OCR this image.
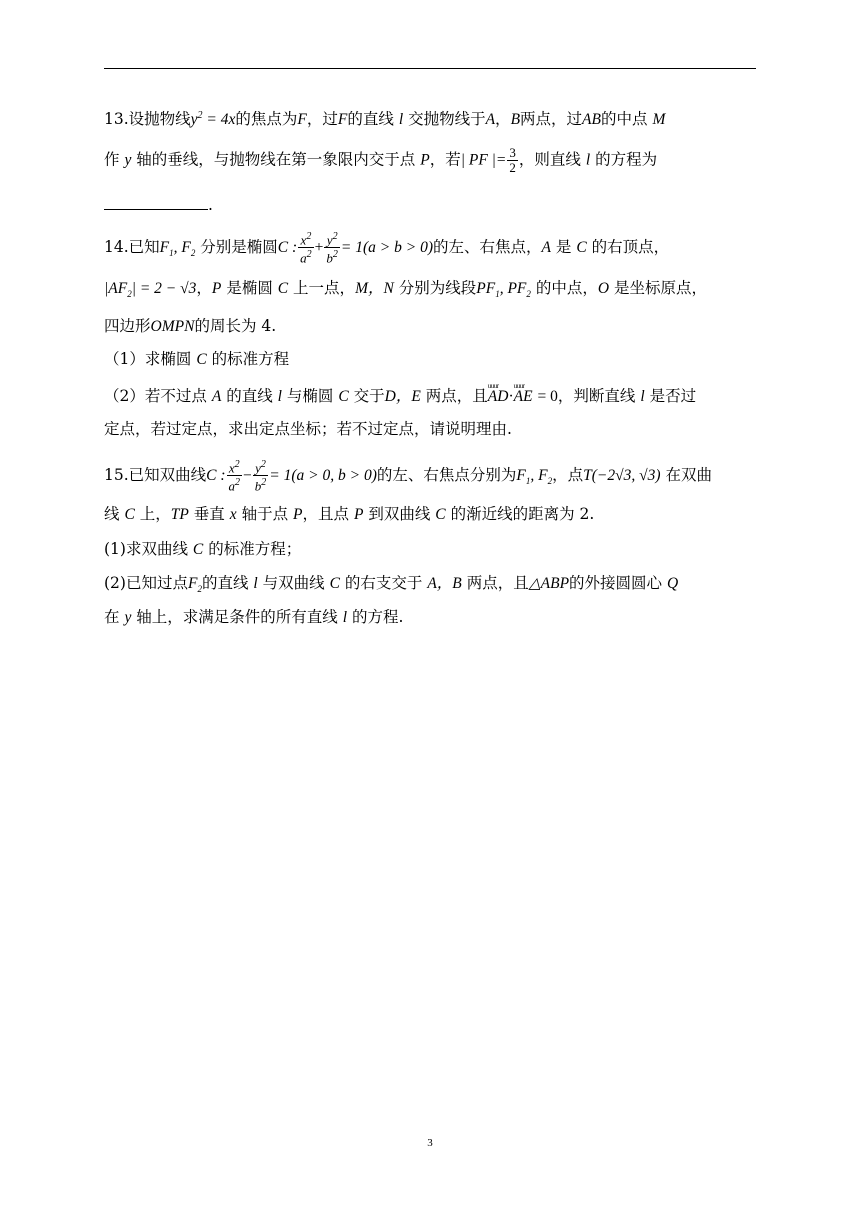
13.设抛物线$y^2 = 4x$的焦点为F，过F的直线 l 交抛物线于A，B两点，过AB的中点 M
作 y 轴的垂线，与抛物线在第一象限内交于点 P，若| PF |= $\frac{3}{2}$ ，则直线 l 的方程为
.
14.已知$F_1$, $F_2$ 分别是椭圆C : $\frac{x^2}{a^2} + \frac{y^2}{b^2} = 1(a > b > 0)$的左、右焦点，A 是 C 的右顶点，
$|AF_2| = 2 - √3$，P 是椭圆 C 上一点，M，N 分别为线段$PF_1$, $PF_2$ 的中点，O 是坐标原点，
四边形OMPN的周长为 4.
（1）求椭圆 C 的标准方程
（2）若不过点 A 的直线 l 与椭圆 C 交于D，E 两点，且uuur AD·uuur AE = 0，判断直线 l 是否过
定点，若过定点，求出定点坐标；若不过定点，请说明理由.
15.已知双曲线C : $\frac{x^2}{a^2} - \frac{y^2}{b^2} = 1(a > 0$, b > 0)的左、右焦点分别为$F_1$, $F_2$，点T(−2√3, √3) 在双曲
线 C 上，TP 垂直 x 轴于点 P，且点 P 到双曲线 C 的渐近线的距离为 2.
(1)求双曲线 C 的标准方程；
(2)已知过点$F_2$的直线 l 与双曲线 C 的右支交于 A，B 两点，且△ABP的外接圆圆心 Q
在 y 轴上，求满足条件的所有直线 l 的方程.
3
